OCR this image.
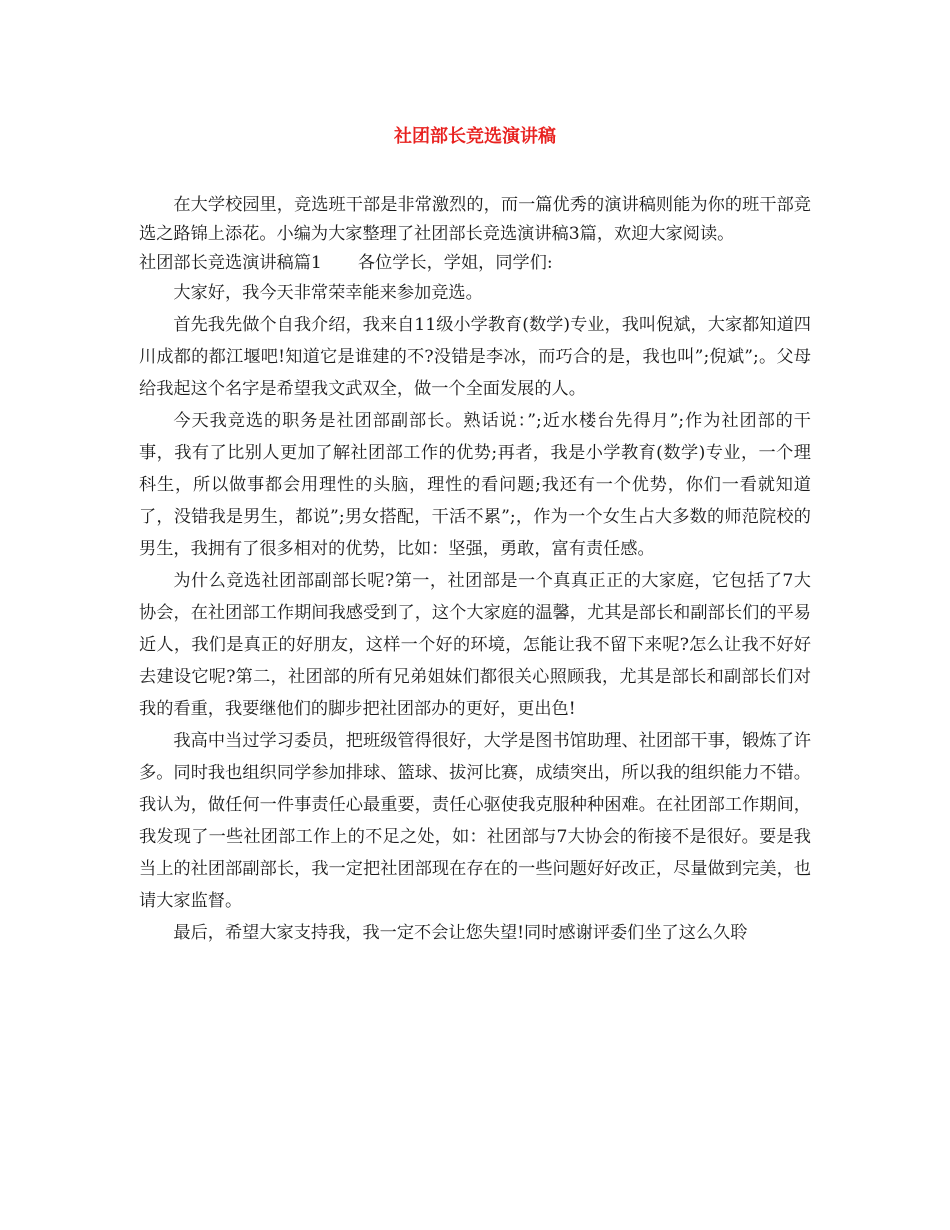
社团部长竞选演讲稿

在大学校园里，竞选班干部是非常激烈的，而一篇优秀的演讲稿则能为你的班干部竞选之路锦上添花。小编为大家整理了社团部长竞选演讲稿3篇，欢迎大家阅读。

社团部长竞选演讲稿篇1 各位学长，学姐，同学们:

大家好，我今天非常荣幸能来参加竞选。

首先我先做个自我介绍，我来自11级小学教育(数学)专业，我叫倪斌，大家都知道四川成都的都江堰吧!知道它是谁建的不?没错是李冰，而巧合的是，我也叫”;倪斌”;。父母给我起这个名字是希望我文武双全，做一个全面发展的人。

今天我竞选的职务是社团部副部长。熟话说：”;近水楼台先得月”;作为社团部的干事，我有了比别人更加了解社团部工作的优势;再者，我是小学教育(数学)专业，一个理科生，所以做事都会用理性的头脑，理性的看问题;我还有一个优势，你们一看就知道了，没错我是男生，都说”;男女搭配，干活不累”;，作为一个女生占大多数的师范院校的男生，我拥有了很多相对的优势，比如：坚强，勇敢，富有责任感。

为什么竞选社团部副部长呢?第一，社团部是一个真真正正的大家庭，它包括了7大协会，在社团部工作期间我感受到了，这个大家庭的温馨，尤其是部长和副部长们的平易近人，我们是真正的好朋友，这样一个好的环境，怎能让我不留下来呢?怎么让我不好好去建设它呢?第二，社团部的所有兄弟姐妹们都很关心照顾我，尤其是部长和副部长们对我的看重，我要继他们的脚步把社团部办的更好，更出色!

我高中当过学习委员，把班级管得很好，大学是图书馆助理、社团部干事，锻炼了许多。同时我也组织同学参加排球、篮球、拔河比赛，成绩突出，所以我的组织能力不错。我认为，做任何一件事责任心最重要，责任心驱使我克服种种困难。在社团部工作期间，我发现了一些社团部工作上的不足之处，如：社团部与7大协会的衔接不是很好。要是我当上的社团部副部长，我一定把社团部现在存在的一些问题好好改正，尽量做到完美，也请大家监督。

最后，希望大家支持我，我一定不会让您失望!同时感谢评委们坐了这么久聆
